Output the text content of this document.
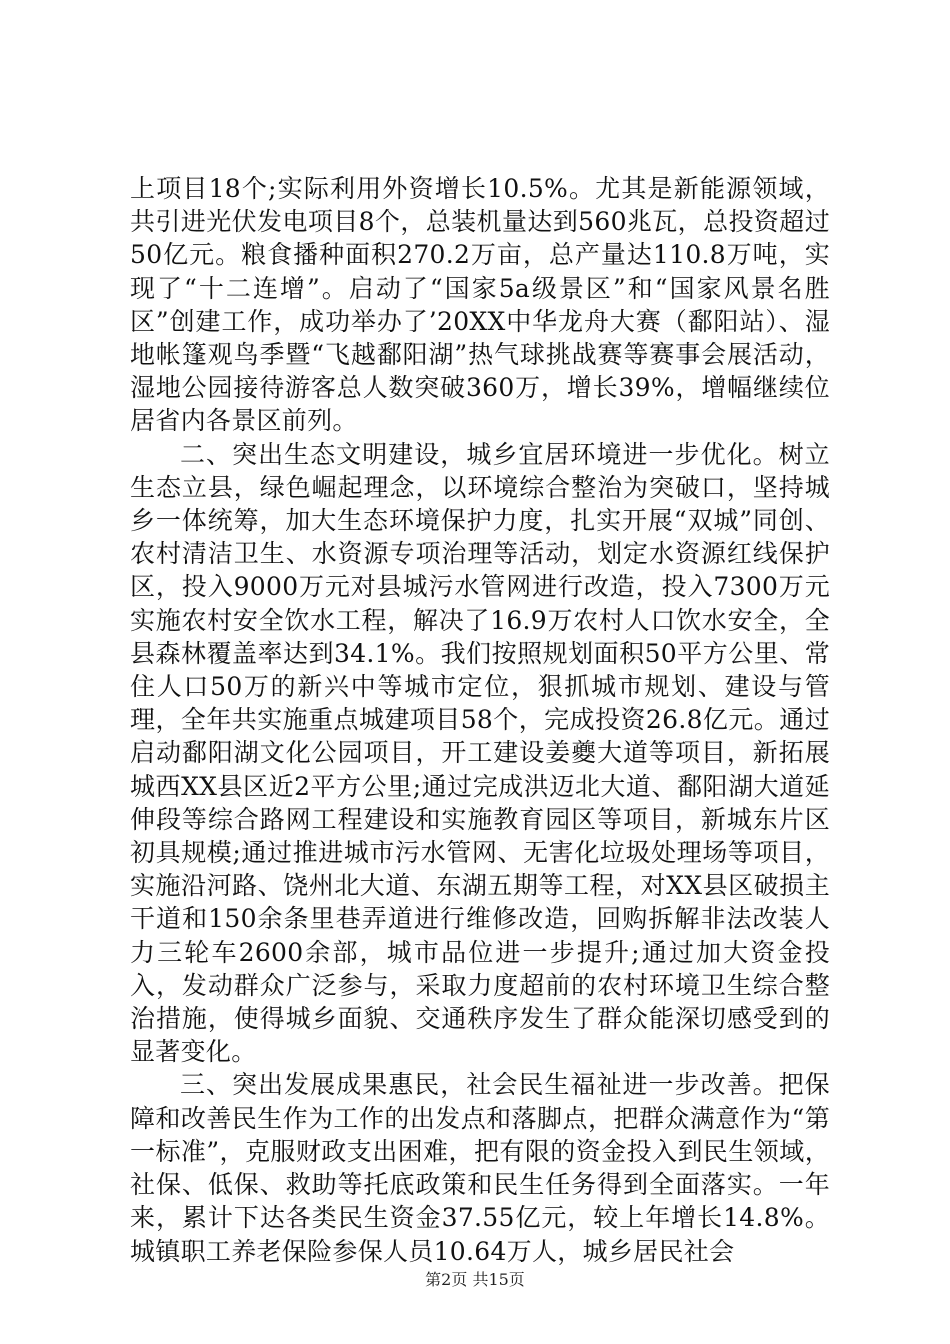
上项目18个;实际利用外资增长10.5%。尤其是新能源领域，共引进光伏发电项目8个，总装机量达到560兆瓦，总投资超过50亿元。粮食播种面积270.2万亩，总产量达110.8万吨，实现了“十二连增”。启动了“国家5a级景区”和“国家风景名胜区”创建工作，成功举办了’20XX中华龙舟大赛（鄱阳站）、湿地帐篷观鸟季暨“飞越鄱阳湖”热气球挑战赛等赛事会展活动，湿地公园接待游客总人数突破360万，增长39%，增幅继续位居省内各景区前列。

二、突出生态文明建设，城乡宜居环境进一步优化。树立生态立县，绿色崛起理念，以环境综合整治为突破口，坚持城乡一体统筹，加大生态环境保护力度，扎实开展“双城”同创、农村清洁卫生、水资源专项治理等活动，划定水资源红线保护区，投入9000万元对县城污水管网进行改造，投入7300万元实施农村安全饮水工程，解决了16.9万农村人口饮水安全，全县森林覆盖率达到34.1%。我们按照规划面积50平方公里、常住人口50万的新兴中等城市定位，狠抓城市规划、建设与管理，全年共实施重点城建项目58个，完成投资26.8亿元。通过启动鄱阳湖文化公园项目，开工建设姜夔大道等项目，新拓展城西XX县区近2平方公里;通过完成洪迈北大道、鄱阳湖大道延伸段等综合路网工程建设和实施教育园区等项目，新城东片区初具规模;通过推进城市污水管网、无害化垃圾处理场等项目，实施沿河路、饶州北大道、东湖五期等工程，对XX县区破损主干道和150余条里巷弄道进行维修改造，回购拆解非法改装人力三轮车2600余部，城市品位进一步提升;通过加大资金投入，发动群众广泛参与，采取力度超前的农村环境卫生综合整治措施，使得城乡面貌、交通秩序发生了群众能深切感受到的显著变化。

三、突出发展成果惠民，社会民生福祉进一步改善。把保障和改善民生作为工作的出发点和落脚点，把群众满意作为“第一标准”，克服财政支出困难，把有限的资金投入到民生领域，社保、低保、救助等托底政策和民生任务得到全面落实。一年来，累计下达各类民生资金37.55亿元，较上年增长14.8%。城镇职工养老保险参保人员10.64万人，城乡居民社会

第2页 共15页
